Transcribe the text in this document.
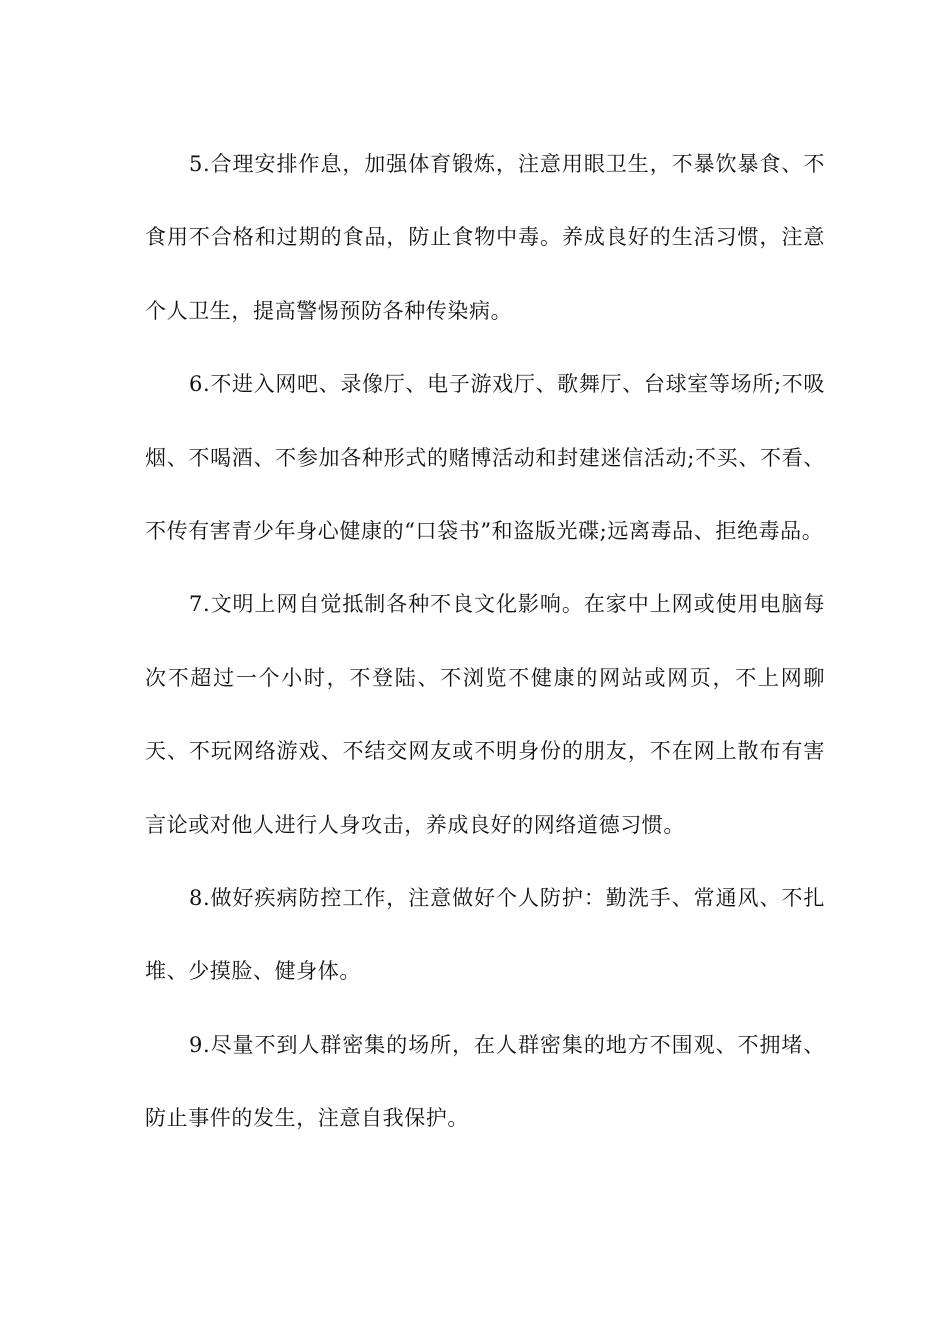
5.合理安排作息，加强体育锻炼，注意用眼卫生，不暴饮暴食、不食用不合格和过期的食品，防止食物中毒。养成良好的生活习惯，注意个人卫生，提高警惕预防各种传染病。

6.不进入网吧、录像厅、电子游戏厅、歌舞厅、台球室等场所;不吸烟、不喝酒、不参加各种形式的赌博活动和封建迷信活动;不买、不看、不传有害青少年身心健康的“口袋书”和盗版光碟;远离毒品、拒绝毒品。

7.文明上网自觉抵制各种不良文化影响。在家中上网或使用电脑每次不超过一个小时，不登陆、不浏览不健康的网站或网页，不上网聊天、不玩网络游戏、不结交网友或不明身份的朋友，不在网上散布有害言论或对他人进行人身攻击，养成良好的网络道德习惯。

8.做好疾病防控工作，注意做好个人防护：勤洗手、常通风、不扎堆、少摸脸、健身体。

9.尽量不到人群密集的场所，在人群密集的地方不围观、不拥堵、防止事件的发生，注意自我保护。
